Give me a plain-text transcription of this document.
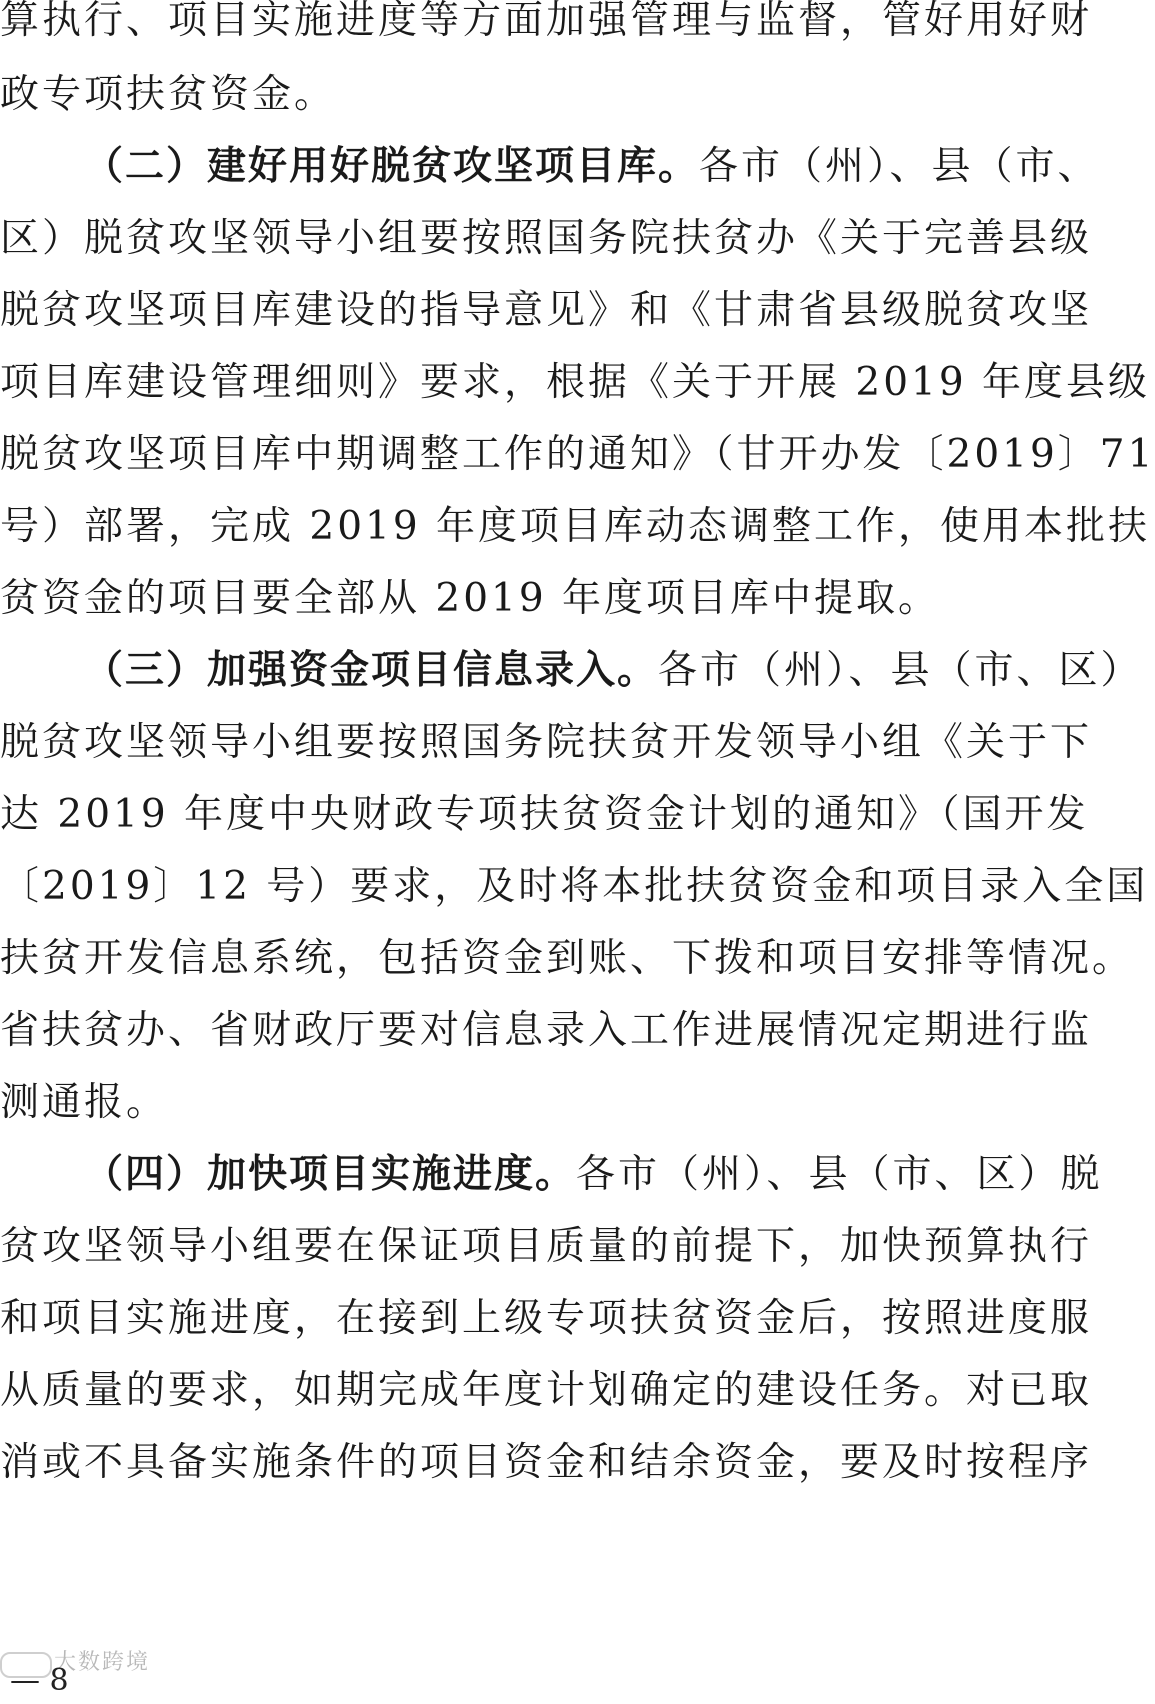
算执行、项目实施进度等方面加强管理与监督，管好用好财
政专项扶贫资金。
（二）建好用好脱贫攻坚项目库。各市（州）、县（市、
区）脱贫攻坚领导小组要按照国务院扶贫办《关于完善县级
脱贫攻坚项目库建设的指导意见》和《甘肃省县级脱贫攻坚
项目库建设管理细则》要求，根据《关于开展 2019 年度县级
脱贫攻坚项目库中期调整工作的通知》（甘开办发〔2019〕71
号）部署，完成 2019 年度项目库动态调整工作，使用本批扶
贫资金的项目要全部从 2019 年度项目库中提取。
（三）加强资金项目信息录入。各市（州）、县（市、区）
脱贫攻坚领导小组要按照国务院扶贫开发领导小组《关于下
达 2019 年度中央财政专项扶贫资金计划的通知》（国开发
〔2019〕12 号）要求，及时将本批扶贫资金和项目录入全国
扶贫开发信息系统，包括资金到账、下拨和项目安排等情况。
省扶贫办、省财政厅要对信息录入工作进展情况定期进行监
测通报。
（四）加快项目实施进度。各市（州）、县（市、区）脱
贫攻坚领导小组要在保证项目质量的前提下，加快预算执行
和项目实施进度，在接到上级专项扶贫资金后，按照进度服
从质量的要求，如期完成年度计划确定的建设任务。对已取
消或不具备实施条件的项目资金和结余资金，要及时按程序
大数跨境
— 8
